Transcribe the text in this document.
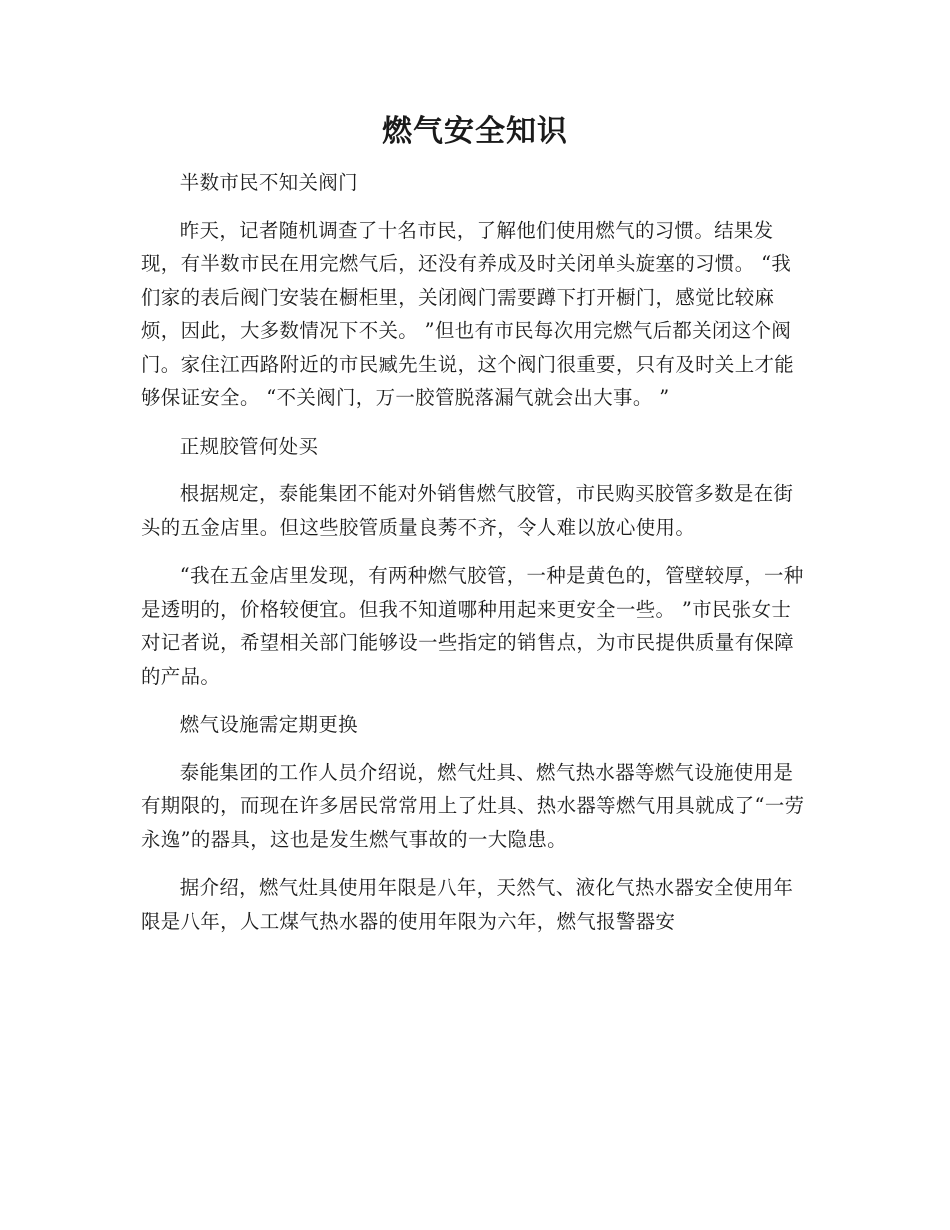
燃气安全知识

半数市民不知关阀门

昨天，记者随机调查了十名市民，了解他们使用燃气的习惯。结果发现，有半数市民在用完燃气后，还没有养成及时关闭单头旋塞的习惯。 “我们家的表后阀门安装在橱柜里，关闭阀门需要蹲下打开橱门，感觉比较麻烦，因此，大多数情况下不关。 ”但也有市民每次用完燃气后都关闭这个阀门。家住江西路附近的市民臧先生说，这个阀门很重要，只有及时关上才能够保证安全。 “不关阀门，万一胶管脱落漏气就会出大事。 ”

正规胶管何处买

根据规定，泰能集团不能对外销售燃气胶管，市民购买胶管多数是在街头的五金店里。但这些胶管质量良莠不齐，令人难以放心使用。

“我在五金店里发现，有两种燃气胶管，一种是黄色的，管壁较厚，一种是透明的，价格较便宜。但我不知道哪种用起来更安全一些。 ”市民张女士对记者说，希望相关部门能够设一些指定的销售点，为市民提供质量有保障的产品。

燃气设施需定期更换

泰能集团的工作人员介绍说，燃气灶具、燃气热水器等燃气设施使用是有期限的，而现在许多居民常常用上了灶具、热水器等燃气用具就成了“一劳永逸”的器具，这也是发生燃气事故的一大隐患。

据介绍，燃气灶具使用年限是八年，天然气、液化气热水器安全使用年限是八年，人工煤气热水器的使用年限为六年，燃气报警器安
